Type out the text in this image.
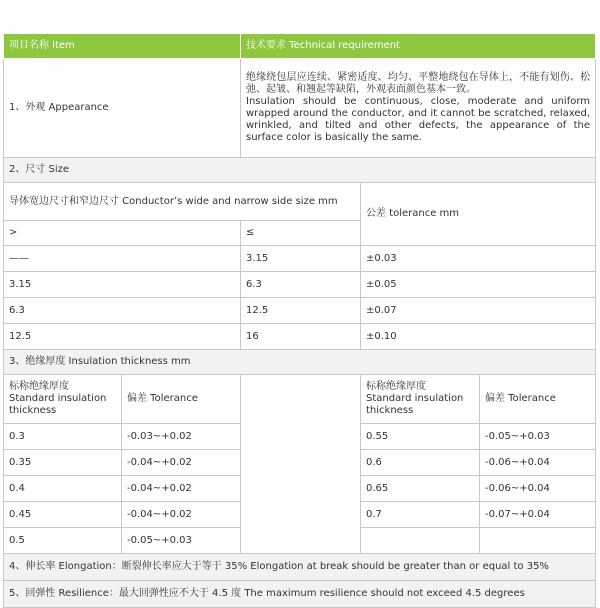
项目名称 item		技术要求 Technical requirement		
1、外观 Appearance		绝缘绕包层应连续、紧密适度、均匀、平整地绕包在导体上，不能有划伤、松弛、起皱、和翘起等缺陷，外观表面颜色基本一致。
Insulation should be continuous, close, moderate and uniform wrapped around the conductor, and it cannot be scratched, relaxed, wrinkled, and tilted and other defects, the appearance of the surface color is basically the same.		

2、尺寸 Size				
导体宽边尺寸和窄边尺寸 Conductor’s wide and narrow side size mm			公差 tolerance mm	
>		≤		
——		3.15	±0.03	
3.15		6.3	±0.05	
6.3		12.5	±0.07	
12.5		16	±0.10	
3、绝缘厚度 Insulation thickness mm				
标称绝缘厚度 Standard insulation thickness	偏差 Tolerance		标称绝缘厚度 Standard insulation thickness	偏差 Tolerance
0.3	-0.03~+0.02		0.55	-0.05~+0.03
0.35	-0.04~+0.02		0.6	-0.06~+0.04
0.4	-0.04~+0.02		0.65	-0.06~+0.04
0.45	-0.04~+0.02		0.7	-0.07~+0.04
0.5	-0.05~+0.03			
4、伸长率 Elongation：断裂伸长率应大于等于 35% Elongation at break should be greater than or equal to 35%				
5、回弹性 Resilience：最大回弹性应不大于 4.5 度 The maximum resilience should not exceed 4.5 degrees				
